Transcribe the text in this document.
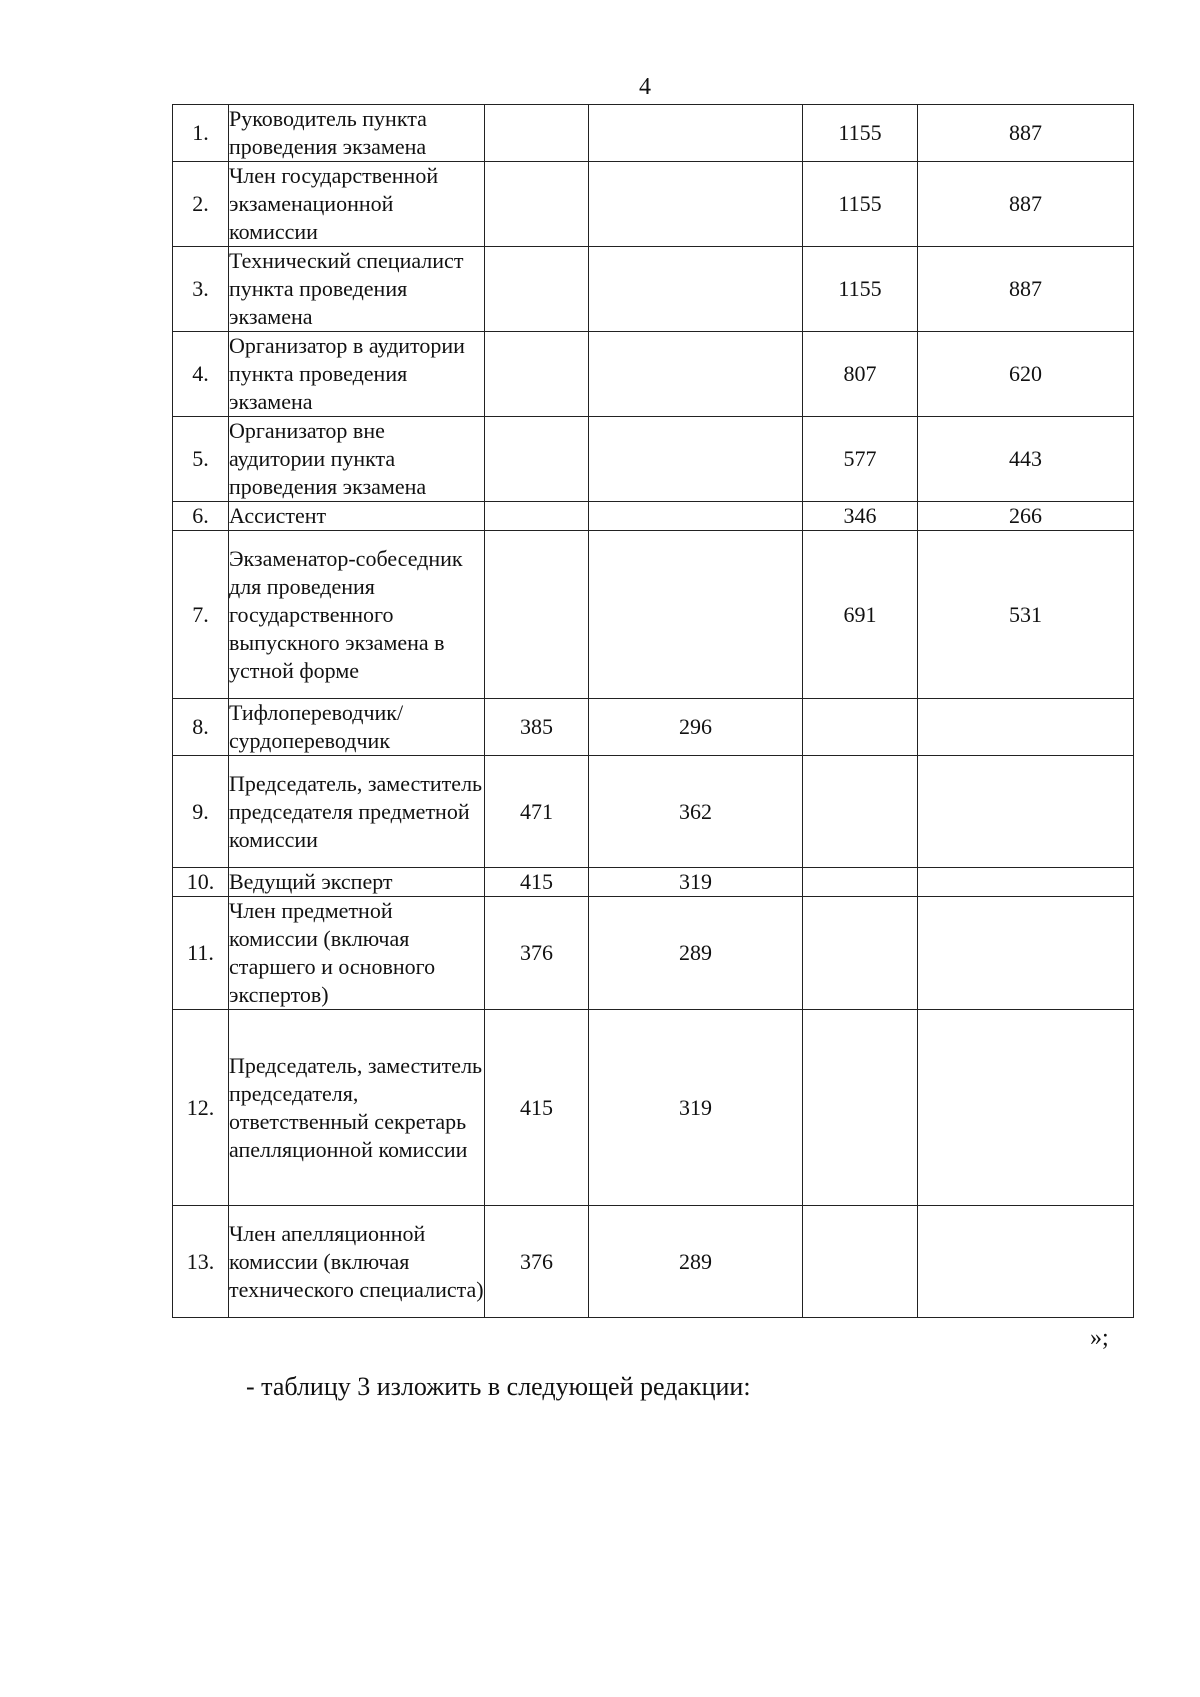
4
1.	Руководитель пункта проведения экзамена			1155	887
2.	Член государственной экзаменационной комиссии			1155	887
3.	Технический специалист пункта проведения экзамена			1155	887
4.	Организатор в аудитории пункта проведения экзамена			807	620
5.	Организатор вне аудитории пункта проведения экзамена			577	443
6.	Ассистент			346	266
7.	Экзаменатор-собеседник для проведения государственного выпускного экзамена в устной форме			691	531
8.	Тифлопереводчик/ сурдопереводчик	385	296		
9.	Председатель, заместитель председателя предметной комиссии	471	362		
10.	Ведущий эксперт	415	319		
11.	Член предметной комиссии (включая старшего и основного экспертов)	376	289		
12.	Председатель, заместитель председателя, ответственный секретарь апелляционной комиссии	415	319		
13.	Член апелляционной комиссии (включая технического специалиста)	376	289		
»;
- таблицу 3 изложить в следующей редакции:
